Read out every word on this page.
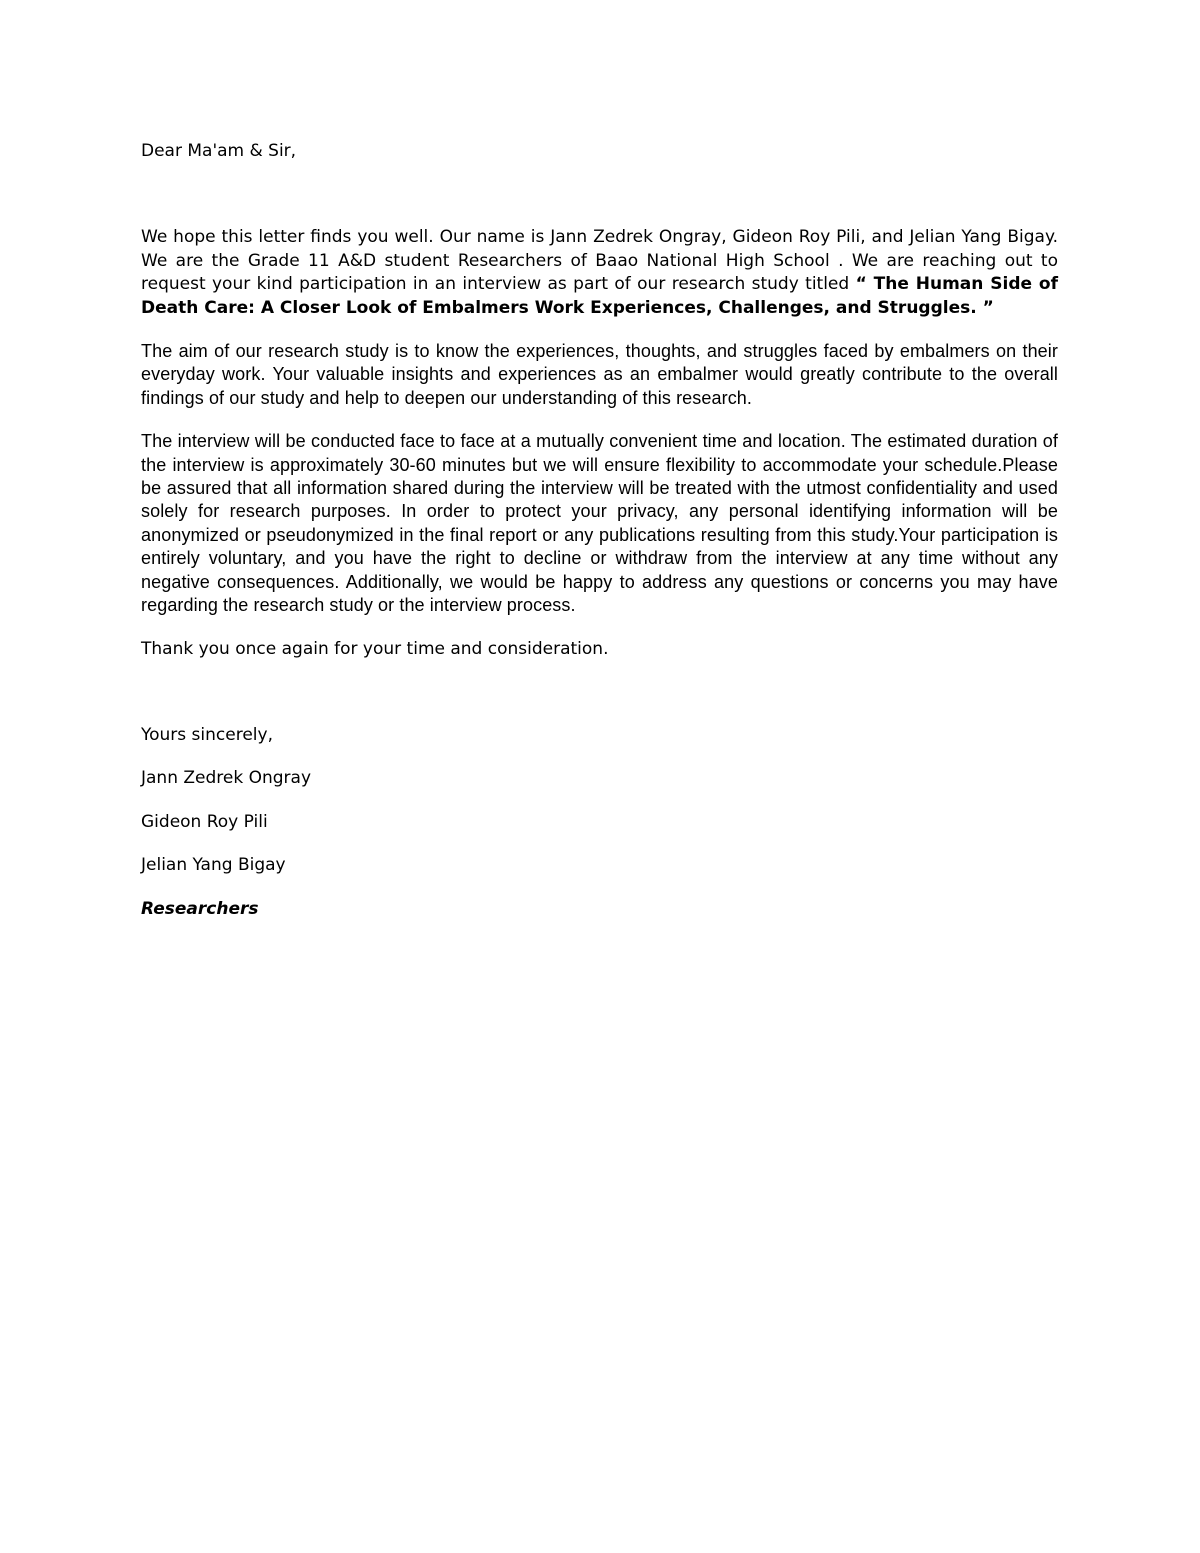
Dear Ma'am & Sir,

We hope this letter finds you well. Our name is Jann Zedrek Ongray, Gideon Roy Pili, and Jelian Yang Bigay. We are the Grade 11 A&D student Researchers of Baao National High School . We are reaching out to request your kind participation in an interview as part of our research study titled “ The Human Side of Death Care: A Closer Look of Embalmers Work Experiences, Challenges, and Struggles. ”

The aim of our research study is to know the experiences, thoughts, and struggles faced by embalmers on their everyday work. Your valuable insights and experiences as an embalmer would greatly contribute to the overall findings of our study and help to deepen our understanding of this research.

The interview will be conducted face to face at a mutually convenient time and location. The estimated duration of the interview is approximately 30-60 minutes but we will ensure flexibility to accommodate your schedule.Please be assured that all information shared during the interview will be treated with the utmost confidentiality and used solely for research purposes. In order to protect your privacy, any personal identifying information will be anonymized or pseudonymized in the final report or any publications resulting from this study.Your participation is entirely voluntary, and you have the right to decline or withdraw from the interview at any time without any negative consequences. Additionally, we would be happy to address any questions or concerns you may have regarding the research study or the interview process.

Thank you once again for your time and consideration.

Yours sincerely,

Jann Zedrek Ongray

Gideon Roy Pili

Jelian Yang Bigay

Researchers
